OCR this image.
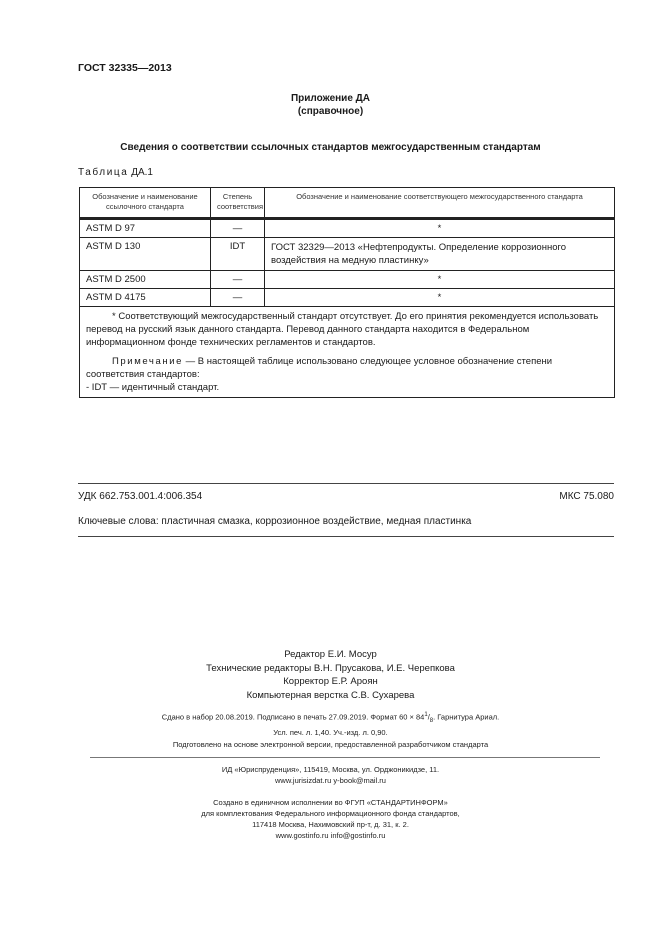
ГОСТ 32335—2013
Приложение ДА
(справочное)
Сведения о соответствии ссылочных стандартов межгосударственным стандартам
Таблица ДА.1
Обозначение и наименование ссылочного стандарта	Степень соответствия	Обозначение и наименование соответствующего межгосударственного стандарта
ASTM D 97	—	*
ASTM D 130	IDT	ГОСТ 32329—2013 «Нефтепродукты. Определение коррозионного воздействия на медную пластинку»
ASTM D 2500	—	*
ASTM D 4175	—	*

* Соответствующий межгосударственный стандарт отсутствует. До его принятия рекомендуется использовать перевод на русский язык данного стандарта. Перевод данного стандарта находится в Федеральном информационном фонде технических регламентов и стандартов.

Примечание — В настоящей таблице использовано следующее условное обозначение степени соответствия стандартов:

- IDT — идентичный стандарт.		

УДК 662.753.001.4:006.354	МКС 75.080
Ключевые слова: пластичная смазка, коррозионное воздействие, медная пластинка
Редактор Е.И. Мосур
Технические редакторы В.Н. Прусакова, И.Е. Черепкова
Корректор Е.Р. Ароян
Компьютерная верстка С.В. Сухарева
Сдано в набор 20.08.2019. Подписано в печать 27.09.2019. Формат $60 \times 84^1/_8$. Гарнитура Ариал.
Усл. печ. л. 1,40. Уч.-изд. л. 0,90.
Подготовлено на основе электронной версии, предоставленной разработчиком стандарта
ИД «Юриспруденция», 115419, Москва, ул. Орджоникидзе, 11.
www.jurisizdat.ru y-book@mail.ru
Создано в единичном исполнении во ФГУП «СТАНДАРТИНФОРМ»
для комплектования Федерального информационного фонда стандартов,
117418 Москва, Нахимовский пр-т, д. 31, к. 2.
www.gostinfo.ru info@gostinfo.ru
